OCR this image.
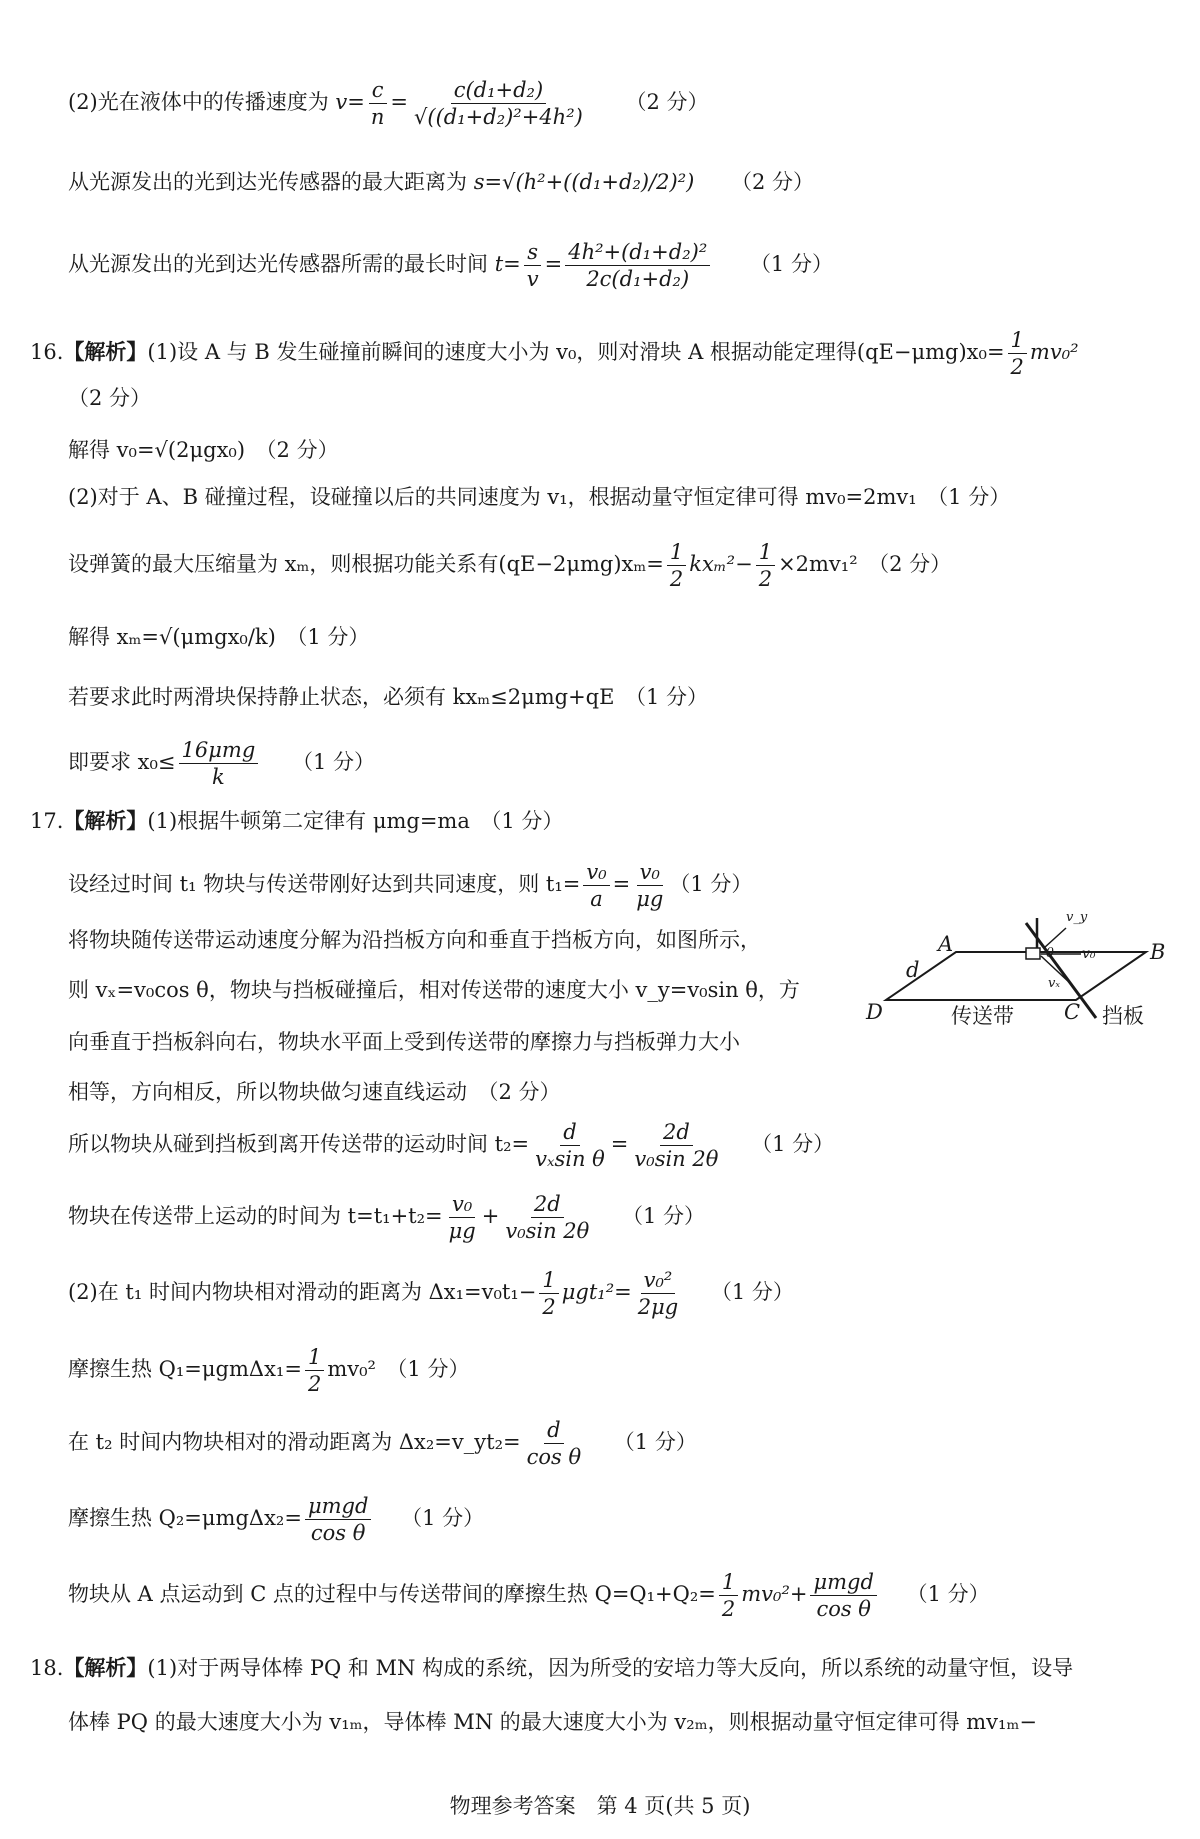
(2)光在液体中的传播速度为 $v= \frac{c}{n} = \frac{\text{c(d₁+d₂)}}{\text{√((d₁+d₂)²+4h²)}} (2$ 分）
从光源发出的光到达光传感器的最大距离为 s=√(h²+((d₁+d₂)/2)²) （2 分）
从光源发出的光到达光传感器所需的最长时间 $t= \frac{s}{v} = \frac{\text{4h²+(d₁+d₂)²}}{\text{2c(d₁+d₂)}} (1$ 分）
16.【解析】(1)设 A 与 B 发生碰撞前瞬间的速度大小为 v₀，则对滑块 A 根据动能定理得$(qE-\mu mg)x_0= \frac{1}{2} mv_0^2$
（2 分）
解得 v₀=√(2μgx₀)　（2 分）
(2)对于 A、B 碰撞过程，设碰撞以后的共同速度为 v₁，根据动量守恒定律可得 mv₀=2mv₁　（1 分）
设弹簧的最大压缩量为 xₘ，则根据功能关系有$(qE-2\mu mg)x_m= \frac{1}{2} kx_m^2- \frac{1}{2} \times 2mv_1^2$　（2 分）
解得 xₘ=√(μmgx₀/k)　（1 分）
若要求此时两滑块保持静止状态，必须有 kxₘ≤2μmg+qE　（1 分）
即要求 $x_0\le \frac{\text{16μmg}}{k} (1$ 分）
17.【解析】(1)根据牛顿第二定律有 μmg=ma　（1 分）
设经过时间 t₁ 物块与传送带刚好达到共同速度，则 $t_1= \frac{\text{v₀}}{a} = \frac{\text{v₀}}{\mu g} (1$ 分）
将物块随传送带运动速度分解为沿挡板方向和垂直于挡板方向，如图所示，
则 vₓ=v₀cos θ，物块与挡板碰撞后，相对传送带的速度大小 v_y=v₀sin θ，方
向垂直于挡板斜向右，物块水平面上受到传送带的摩擦力与挡板弹力大小
相等，方向相反，所以物块做匀速直线运动　（2 分）
A	B
C
D
d
传送带	挡板
v_y
vₓ
v₀
θ
所以物块从碰到挡板到离开传送带的运动时间 $t_2= \frac{d}{\text{vₓsin θ}} = \frac{2d}{\text{v₀sin 2θ}} (1$ 分）
物块在传送带上运动的时间为 $t=t_1+t_2= \frac{\text{v₀}}{\mu g} + \frac{2d}{\text{v₀sin 2θ}} (1$ 分）
(2)在 t₁ 时间内物块相对滑动的距离为 $\Delta x_1=v_0t_1- \frac{1}{2} \mu gt_1^2= \frac{\text{v₀²}}{2\mu g} (1$ 分）
摩擦生热 $Q_1=\mu gm\Delta x_1= \frac{1}{2} mv_0^2$　（1 分）
在 t₂ 时间内物块相对的滑动距离为 Δx₂=v_yt₂= $\frac{d}{\text{cos θ}} (1$ 分）
摩擦生热 $Q_2=\mu mg\Delta x_2= \frac{\text{μmgd}}{\text{cos θ}} (1$ 分）
物块从 A 点运动到 C 点的过程中与传送带间的摩擦生热 $Q=Q_1+Q_2= \frac{1}{2} mv_0^2+ \frac{\text{μmgd}}{\text{cos θ}} (1$ 分）
18.【解析】(1)对于两导体棒 PQ 和 MN 构成的系统，因为所受的安培力等大反向，所以系统的动量守恒，设导
体棒 PQ 的最大速度大小为 v₁ₘ，导体棒 MN 的最大速度大小为 v₂ₘ，则根据动量守恒定律可得 mv₁ₘ−
物理参考答案　第 4 页(共 5 页)
